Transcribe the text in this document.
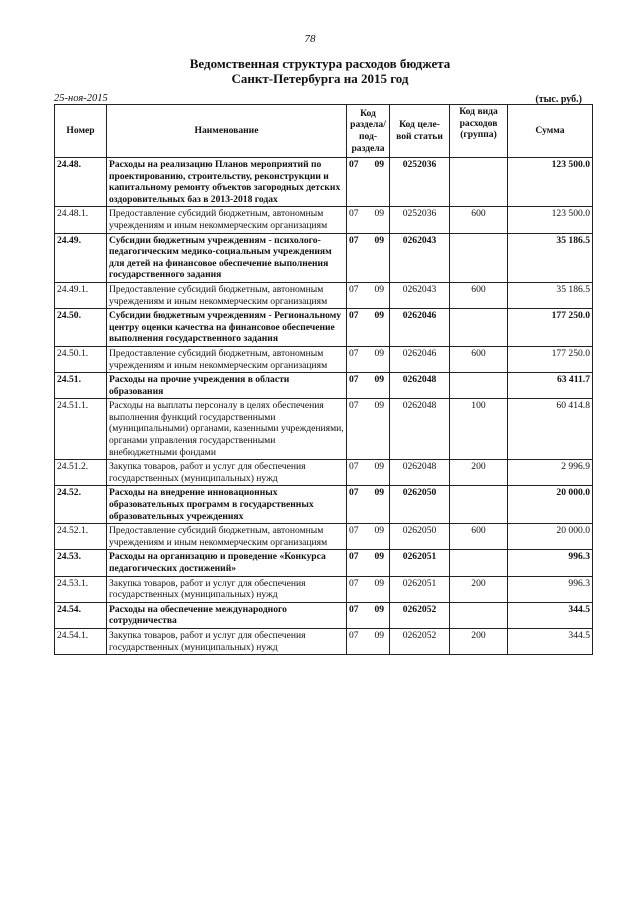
78
Ведомственная структура расходов бюджета
Санкт-Петербурга на 2015 год
25-ноя-2015	(тыс. руб.)
Номер	Наименование	Код раздела/ под- раздела		Код целе- вой статьи	Код вида расходов (группа)	Сумма
24.48.	Расходы на реализацию Планов мероприятий по проектированию, строительству, реконструкции и капитальному ремонту объектов загородных детских оздоровительных баз в 2013-2018 годах	07	09	0252036		123 500.0
24.48.1.	Предоставление субсидий бюджетным, автономным учреждениям и иным некоммерческим организациям	07	09	0252036	600	123 500.0
24.49.	Субсидии бюджетным учреждениям - психолого-педагогическим медико-социальным учреждениям для детей на финансовое обеспечение выполнения государственного задания	07	09	0262043		35 186.5
24.49.1.	Предоставление субсидий бюджетным, автономным учреждениям и иным некоммерческим организациям	07	09	0262043	600	35 186.5
24.50.	Субсидии бюджетным учреждениям - Региональному центру оценки качества на финансовое обеспечение выполнения государственного задания	07	09	0262046		177 250.0
24.50.1.	Предоставление субсидий бюджетным, автономным учреждениям и иным некоммерческим организациям	07	09	0262046	600	177 250.0
24.51.	Расходы на прочие учреждения в области образования	07	09	0262048		63 411.7
24.51.1.	Расходы на выплаты персоналу в целях обеспечения выполнения функций государственными (муниципальными) органами, казенными учреждениями, органами управления государственными внебюджетными фондами	07	09	0262048	100	60 414.8
24.51.2.	Закупка товаров, работ и услуг для обеспечения государственных (муниципальных) нужд	07	09	0262048	200	2 996.9
24.52.	Расходы на внедрение инновационных образовательных программ в государственных образовательных учреждениях	07	09	0262050		20 000.0
24.52.1.	Предоставление субсидий бюджетным, автономным учреждениям и иным некоммерческим организациям	07	09	0262050	600	20 000.0
24.53.	Расходы на организацию и проведение «Конкурса педагогических достижений»	07	09	0262051		996.3
24.53.1.	Закупка товаров, работ и услуг для обеспечения государственных (муниципальных) нужд	07	09	0262051	200	996.3
24.54.	Расходы на обеспечение международного сотрудничества	07	09	0262052		344.5
24.54.1.	Закупка товаров, работ и услуг для обеспечения государственных (муниципальных) нужд	07	09	0262052	200	344.5
